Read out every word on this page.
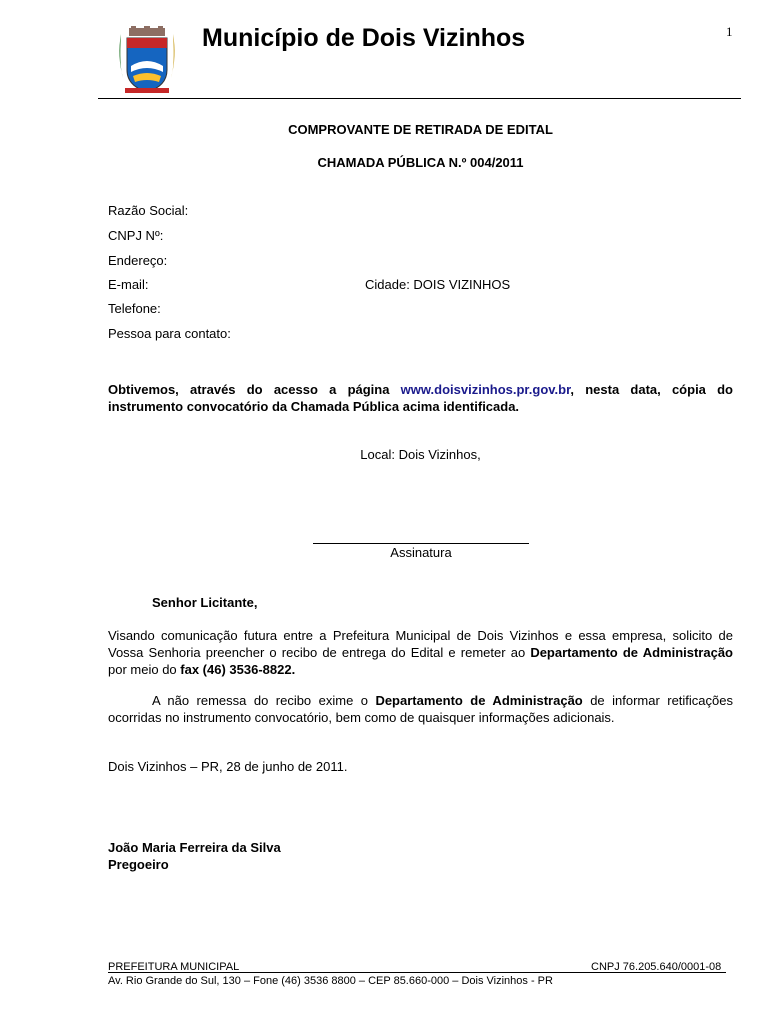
Município de Dois Vizinhos	1
COMPROVANTE DE RETIRADA DE EDITAL
CHAMADA PÚBLICA N.º 004/2011
Razão Social:
CNPJ Nº:
Endereço:
E-mail:	Cidade: DOIS VIZINHOS
Telefone:
Pessoa para contato:
Obtivemos, através do acesso a página www.doisvizinhos.pr.gov.br, nesta data, cópia do instrumento convocatório da Chamada Pública acima identificada.
Local: Dois Vizinhos,
Assinatura
Senhor Licitante,
Visando comunicação futura entre a Prefeitura Municipal de Dois Vizinhos e essa empresa, solicito de Vossa Senhoria preencher o recibo de entrega do Edital e remeter ao Departamento de Administração por meio do fax (46) 3536-8822.
A não remessa do recibo exime o Departamento de Administração de informar retificações ocorridas no instrumento convocatório, bem como de quaisquer informações adicionais.
Dois Vizinhos – PR, 28 de junho de 2011.
João Maria Ferreira da Silva
Pregoeiro
PREFEITURA MUNICIPAL	CNPJ 76.205.640/0001-08
Av. Rio Grande do Sul, 130 – Fone (46) 3536 8800 – CEP 85.660-000 – Dois Vizinhos - PR
